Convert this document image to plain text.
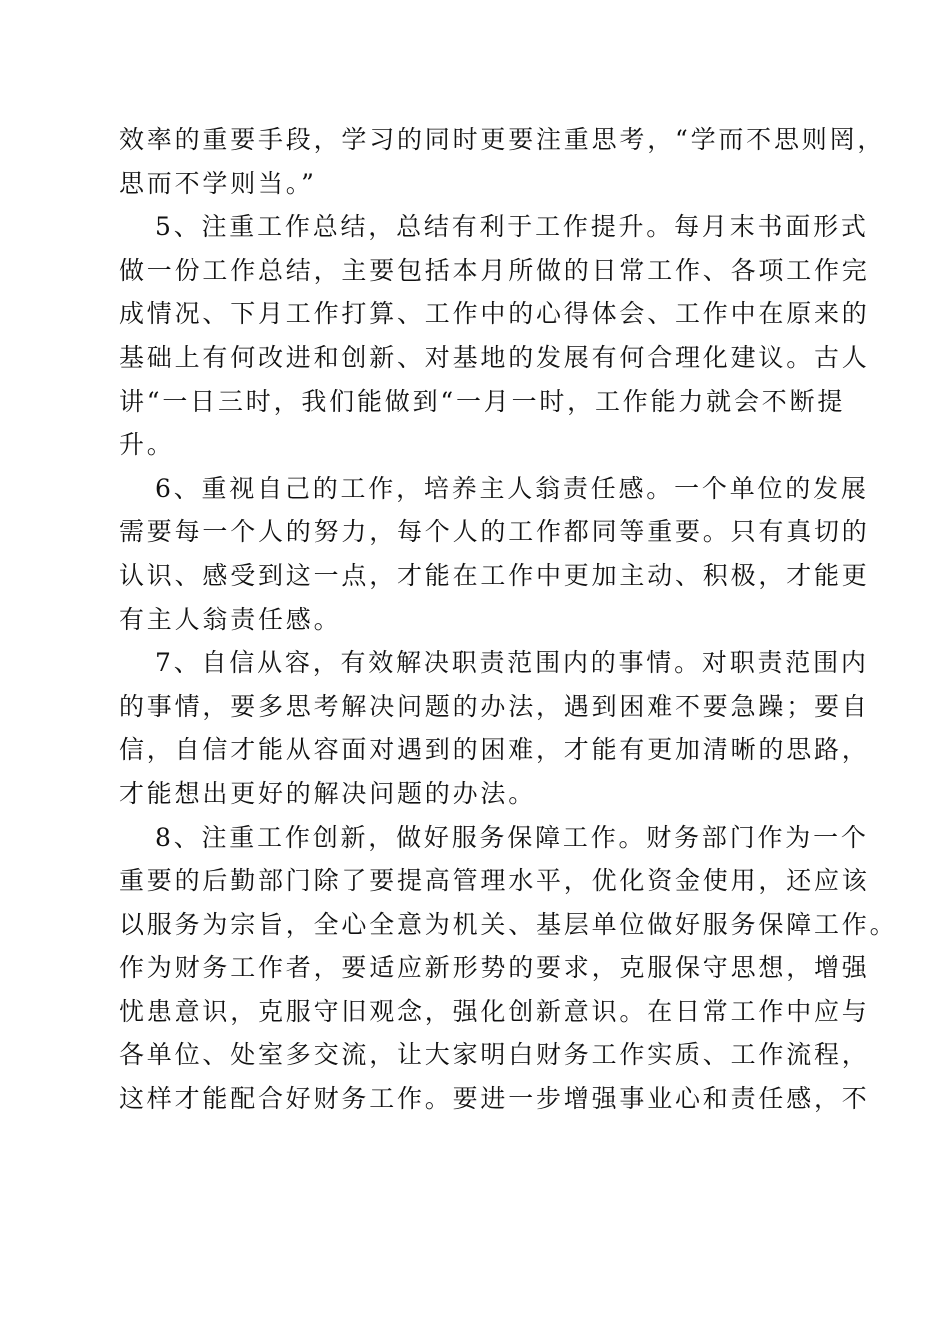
效率的重要手段，学习的同时更要注重思考，“学而不思则罔，
思而不学则当。”
5、注重工作总结，总结有利于工作提升。每月末书面形式
做一份工作总结，主要包括本月所做的日常工作、各项工作完
成情况、下月工作打算、工作中的心得体会、工作中在原来的
基础上有何改进和创新、对基地的发展有何合理化建议。古人
讲“一日三时，我们能做到“一月一时，工作能力就会不断提
升。
6、重视自己的工作，培养主人翁责任感。一个单位的发展
需要每一个人的努力，每个人的工作都同等重要。只有真切的
认识、感受到这一点，才能在工作中更加主动、积极，才能更
有主人翁责任感。
7、自信从容，有效解决职责范围内的事情。对职责范围内
的事情，要多思考解决问题的办法，遇到困难不要急躁；要自
信，自信才能从容面对遇到的困难，才能有更加清晰的思路，
才能想出更好的解决问题的办法。
8、注重工作创新，做好服务保障工作。财务部门作为一个
重要的后勤部门除了要提高管理水平，优化资金使用，还应该
以服务为宗旨，全心全意为机关、基层单位做好服务保障工作。
作为财务工作者，要适应新形势的要求，克服保守思想，增强
忧患意识，克服守旧观念，强化创新意识。在日常工作中应与
各单位、处室多交流，让大家明白财务工作实质、工作流程，
这样才能配合好财务工作。要进一步增强事业心和责任感，不
